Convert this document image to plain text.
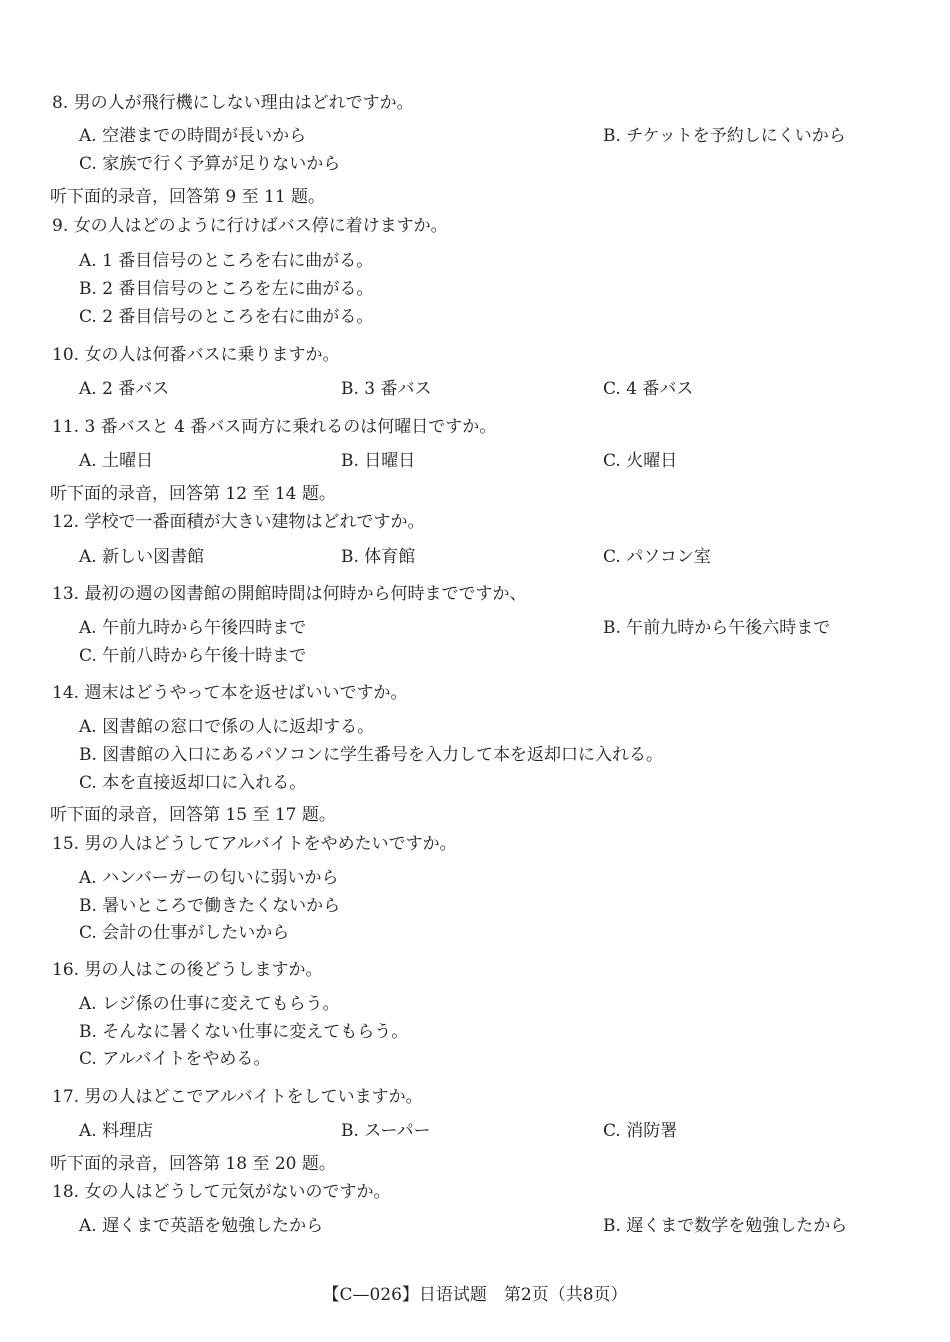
8. 男の人が飛行機にしない理由はどれですか。
A. 空港までの時間が長いから	B. チケットを予約しにくいから
C. 家族で行く予算が足りないから
听下面的录音，回答第 9 至 11 题。
9. 女の人はどのように行けばバス停に着けますか。
A. 1 番目信号のところを右に曲がる。
B. 2 番目信号のところを左に曲がる。
C. 2 番目信号のところを右に曲がる。
10. 女の人は何番バスに乗りますか。
A. 2 番バス	B. 3 番バス	C. 4 番バス
11. 3 番バスと 4 番バス両方に乗れるのは何曜日ですか。
A. 土曜日	B. 日曜日	C. 火曜日
听下面的录音，回答第 12 至 14 题。
12. 学校で一番面積が大きい建物はどれですか。
A. 新しい図書館	B. 体育館	C. パソコン室
13. 最初の週の図書館の開館時間は何時から何時までですか、
A. 午前九時から午後四時まで	B. 午前九時から午後六時まで
C. 午前八時から午後十時まで
14. 週末はどうやって本を返せばいいですか。
A. 図書館の窓口で係の人に返却する。
B. 図書館の入口にあるパソコンに学生番号を入力して本を返却口に入れる。
C. 本を直接返却口に入れる。
听下面的录音，回答第 15 至 17 题。
15. 男の人はどうしてアルバイトをやめたいですか。
A. ハンバーガーの匂いに弱いから
B. 暑いところで働きたくないから
C. 会計の仕事がしたいから
16. 男の人はこの後どうしますか。
A. レジ係の仕事に変えてもらう。
B. そんなに暑くない仕事に変えてもらう。
C. アルバイトをやめる。
17. 男の人はどこでアルバイトをしていますか。
A. 料理店	B. スーパー	C. 消防署
听下面的录音，回答第 18 至 20 题。
18. 女の人はどうして元気がないのですか。
A. 遅くまで英語を勉強したから	B. 遅くまで数学を勉強したから
【C—026】日语试题　第2页（共8页）
